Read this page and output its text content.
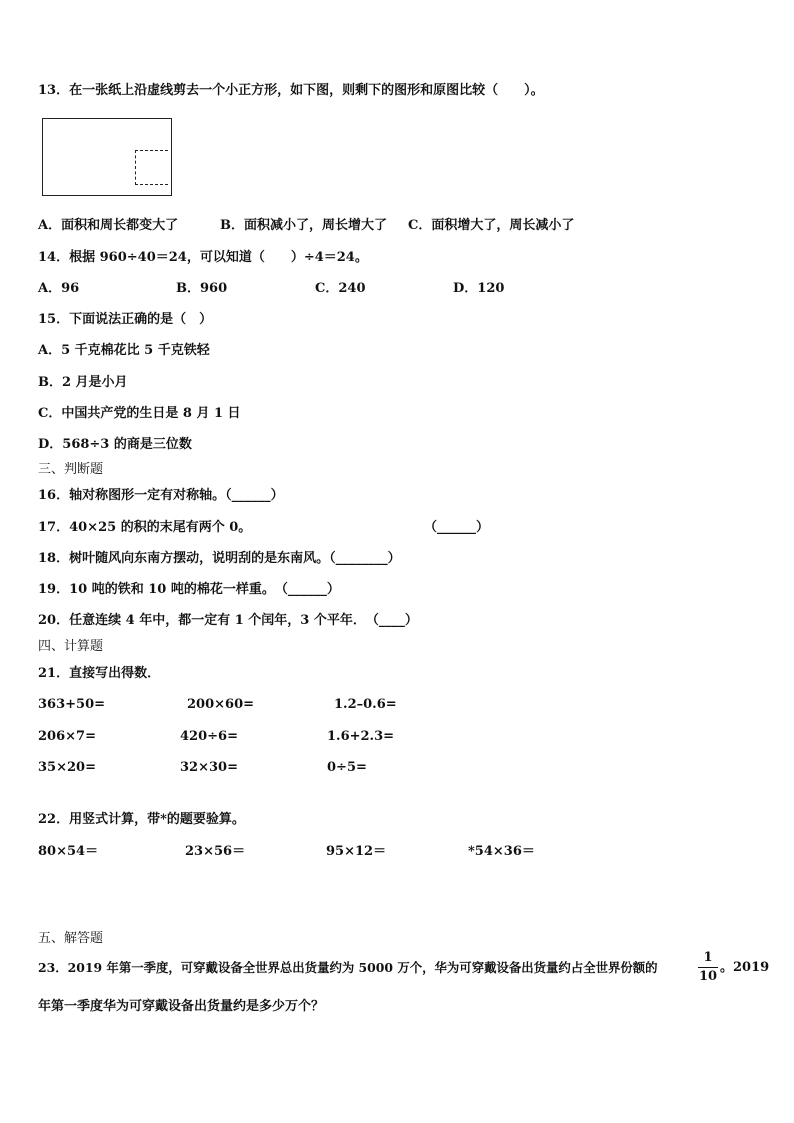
13．在一张纸上沿虚线剪去一个小正方形，如下图，则剩下的图形和原图比较（　　）。
A．面积和周长都变大了	B．面积减小了，周长增大了 C．面积增大了，周长减小了
14．根据 960÷40＝24，可以知道（　　）÷4＝24。
A．96	B．960	C．240	D．120
15．下面说法正确的是（　）
A．5 千克棉花比 5 千克铁轻
B．2 月是小月
C．中国共产党的生日是 8 月 1 日
D．568÷3 的商是三位数
三、判断题
16．轴对称图形一定有对称轴。（______）
17．40×25 的积的末尾有两个 0。	（______）
18．树叶随风向东南方摆动，说明刮的是东南风。（________）
19．10 吨的铁和 10 吨的棉花一样重。　（______）
20．任意连续 4 年中，都一定有 1 个闰年，3 个平年．　（____）
四、计算题
21．直接写出得数．
363+50=	200×60=	1.2–0.6=
206×7=	420÷6=	1.6+2.3=
35×20=	32×30=	0÷5=
22．用竖式计算，带*的题要验算。
80×54＝	23×56＝	95×12＝	*54×36＝
五、解答题
23．2019 年第一季度，可穿戴设备全世界总出货量约为 5000 万个，华为可穿戴设备出货量约占全世界份额的	$\frac{1}{10}$ 。2019
年第一季度华为可穿戴设备出货量约是多少万个？
